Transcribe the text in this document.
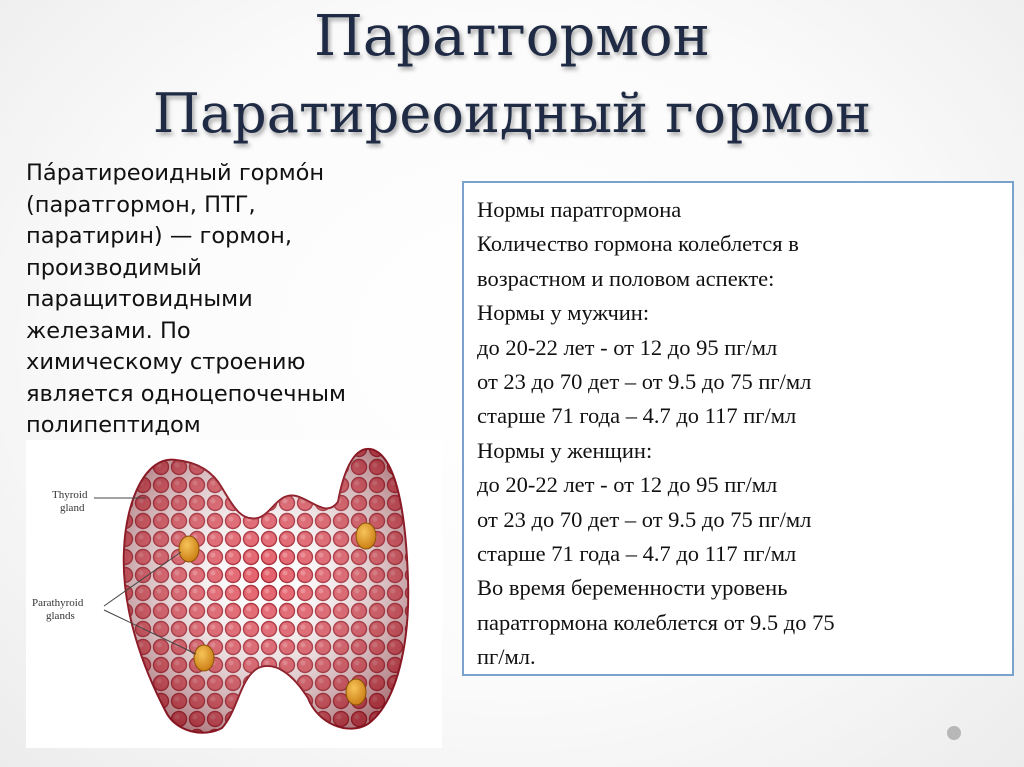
Паратгормон
Паратиреоидный гормон
Па́ратиреоидный гормо́н
(паратгормон, ПТГ,
паратирин) — гормон,
производимый
паращитовидными
железами. По
химическому строению
является одноцепочечным
полипептидом
Нормы паратгормона
Количество гормона колеблется в
возрастном и половом аспекте:
Нормы у мужчин:
до 20-22 лет - от 12 до 95 пг/мл
от 23 до 70 дет – от 9.5 до 75 пг/мл
старше 71 года – 4.7 до 117 пг/мл
Нормы у женщин:
до 20-22 лет - от 12 до 95 пг/мл
от 23 до 70 дет – от 9.5 до 75 пг/мл
старше 71 года – 4.7 до 117 пг/мл
Во время беременности уровень
паратгормона колеблется от 9.5 до 75
пг/мл.
Thyroid
gland
Parathyroid
glands
